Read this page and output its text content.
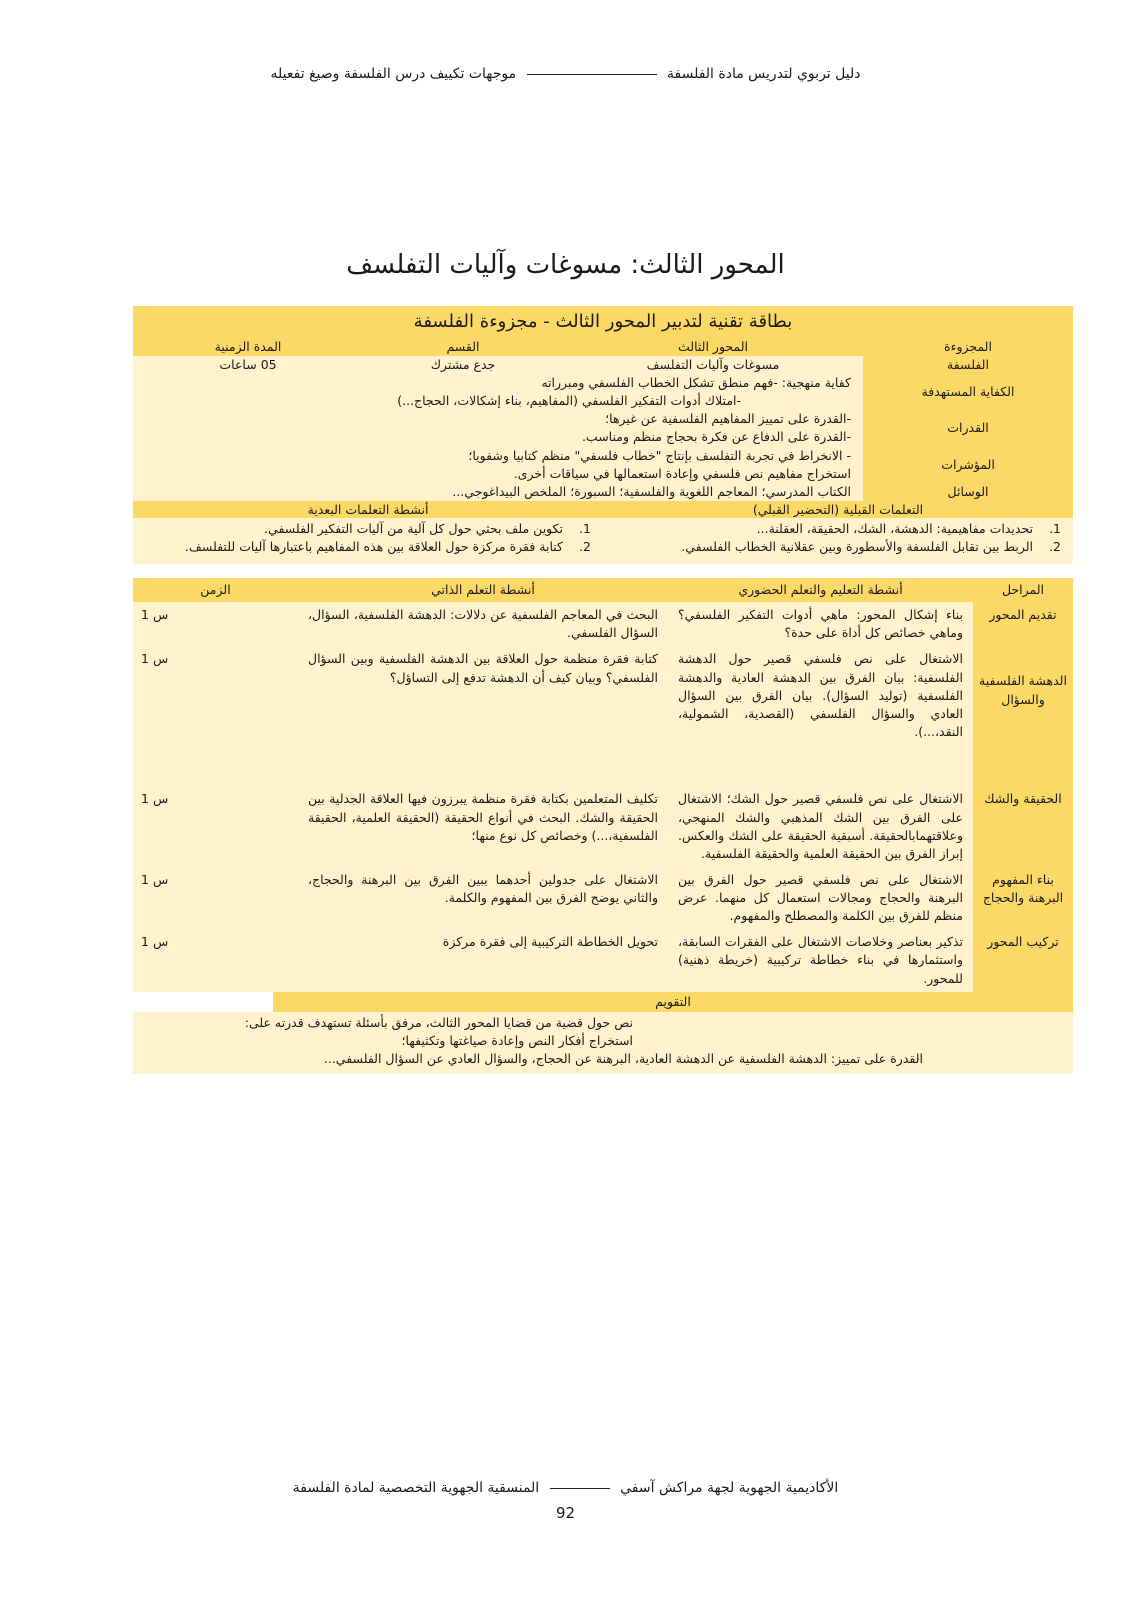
دليل تربوي لتدريس مادة الفلسفة  موجهات تكييف درس الفلسفة وصيغ تفعيله
المحور الثالث: مسوغات وآليات التفلسف
بطاقة تقنية لتدبير المحور الثالث - مجزوءة الفلسفة
المجزوءة
المحور الثالث
القسم
المدة الزمنية
الفلسفة
مسوغات وآليات التفلسف
جدع مشترك
05 ساعات
الكفاية المستهدفة
كفاية منهجية: -فهم منطق تشكل الخطاب الفلسفي ومبرراته
-امتلاك أدوات التفكير الفلسفي (المفاهيم، بناء إشكالات، الحجاج...)
القدرات
-القدرة على تمييز المفاهيم الفلسفية عن غيرها؛
-القدرة على الدفاع عن فكرة بحجاج منظم ومناسب.
المؤشرات
- الانخراط في تجربة التفلسف بإنتاج "خطاب فلسفي" منظم كتابيا وشفويا؛
استخراج مفاهيم نص فلسفي وإعادة استعمالها في سياقات أخرى.
الوسائل
الكتاب المدرسي؛ المعاجم اللغوية والفلسفية؛ السبورة؛ الملخص البيداغوجي...
التعلمات القبلية (التحضير القبلي)
أنشطة التعلمات البعدية
1. تحديدات مفاهيمية: الدهشة، الشك، الحقيقة، العقلنة...
2. الربط بين تقابل الفلسفة والأسطورة وبين عقلانية الخطاب الفلسفي.
1. تكوين ملف بحثي حول كل آلية من آليات التفكير الفلسفي.
2. كتابة فقرة مركزة حول العلاقة بين هذه المفاهيم باعتبارها آليات للتفلسف.
المراحل
أنشطة التعليم والتعلم الحضوري
أنشطة التعلم الذاتي
الزمن
تقديم المحور
بناء إشكال المحور: ماهي أدوات التفكير الفلسفي؟ وماهي خصائص كل أداة على حدة؟
البحث في المعاجم الفلسفية عن دلالات: الدهشة الفلسفية، السؤال، السؤال الفلسفي.
1 س
الدهشة الفلسفية والسؤال
الاشتغال على نص فلسفي قصير حول الدهشة الفلسفية: بيان الفرق بين الدهشة العادية والدهشة الفلسفية (توليد السؤال). بيان الفرق بين السؤال العادي والسؤال الفلسفي (القصدية، الشمولية، النقد،...).
كتابة فقرة منظمة حول العلاقة بين الدهشة الفلسفية وبين السؤال الفلسفي؟ وبيان كيف أن الدهشة تدفع إلى التساؤل؟
1 س
الحقيقة والشك
الاشتغال على نص فلسفي قصير حول الشك؛ الاشتغال على الفرق بين الشك المذهبي والشك المنهجي، وعلاقتهمابالحقيقة. أسبقية الحقيقة على الشك والعكس. إبراز الفرق بين الحقيقة العلمية والحقيقة الفلسفية.
تكليف المتعلمين بكتابة فقرة منظمة يبرزون فيها العلاقة الجدلية بين الحقيقة والشك. البحث في أنواع الحقيقة (الحقيقة العلمية، الحقيقة الفلسفية،...) وخصائص كل نوع منها؛
1 س
بناء المفهوم البرهنة والحجاج
الاشتغال على نص فلسفي قصير حول الفرق بين البرهنة والحجاج ومجالات استعمال كل منهما. عرض منظم للفرق بين الكلمة والمصطلح والمفهوم.
الاشتغال على جدولين أحدهما يبين الفرق بين البرهنة والحجاج، والثاني يوضح الفرق بين المفهوم والكلمة.
1 س
تركيب المحور
تذكير بعناصر وخلاصات الاشتغال على الفقرات السابقة، واستثمارها في بناء خطاطة تركيبية (خريطة ذهنية) للمحور.
تحويل الخطاطة التركيبية إلى فقرة مركزة
1 س
التقويم
نص حول قضية من قضايا المحور الثالث، مرفق بأسئلة تستهدف قدرته على:
استخراج أفكار النص وإعادة صياغتها وتكثيفها؛
القدرة على تمييز: الدهشة الفلسفية عن الدهشة العادية، البرهنة عن الحجاج، والسؤال العادي عن السؤال الفلسفي...
الأكاديمية الجهوية لجهة مراكش آسفي  المنسقية الجهوية التخصصية لمادة الفلسفة
92
